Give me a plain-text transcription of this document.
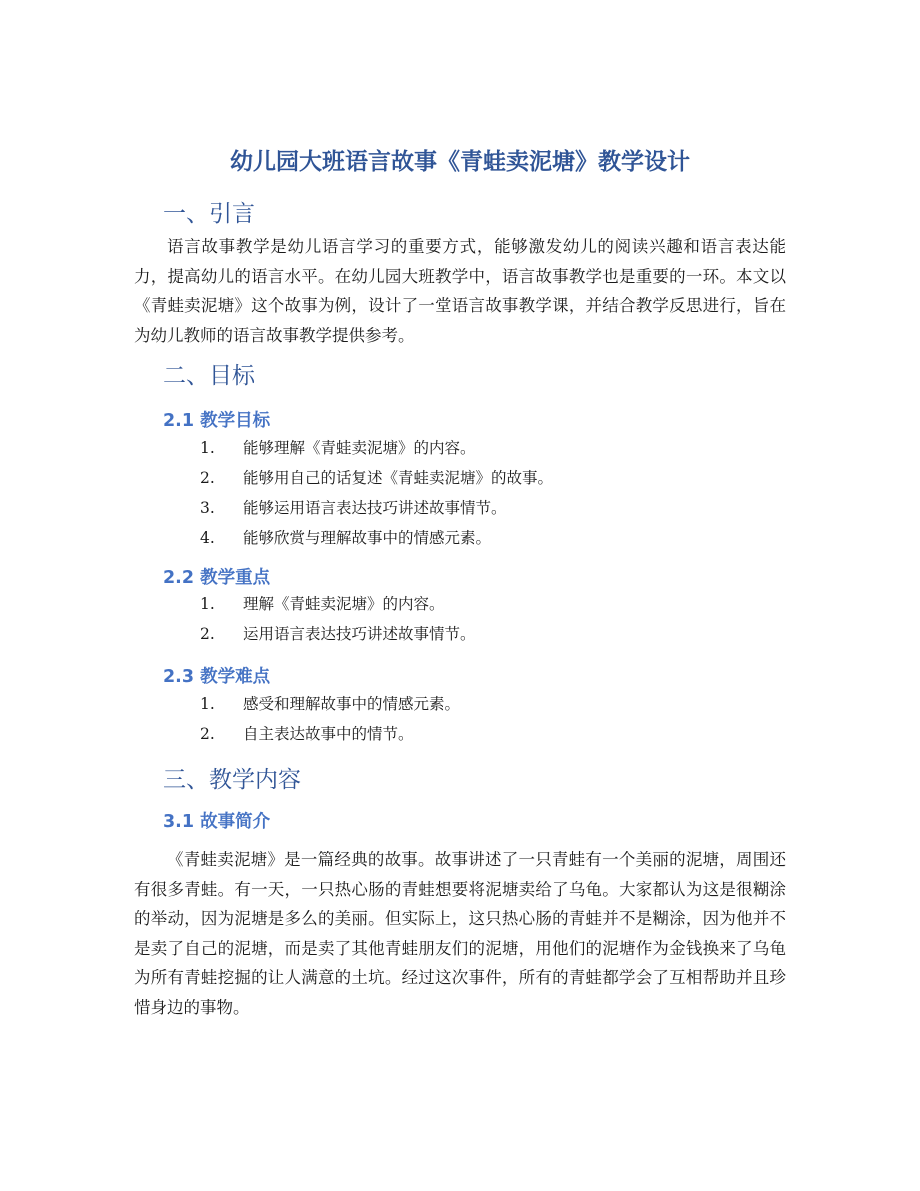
幼儿园大班语言故事《青蛙卖泥塘》教学设计
一、引言
语言故事教学是幼儿语言学习的重要方式，能够激发幼儿的阅读兴趣和语言表达能力，提高幼儿的语言水平。在幼儿园大班教学中，语言故事教学也是重要的一环。本文以《青蛙卖泥塘》这个故事为例，设计了一堂语言故事教学课，并结合教学反思进行，旨在为幼儿教师的语言故事教学提供参考。
二、目标
2.1 教学目标
1. 能够理解《青蛙卖泥塘》的内容。
2. 能够用自己的话复述《青蛙卖泥塘》的故事。
3. 能够运用语言表达技巧讲述故事情节。
4. 能够欣赏与理解故事中的情感元素。
2.2 教学重点
1. 理解《青蛙卖泥塘》的内容。
2. 运用语言表达技巧讲述故事情节。
2.3 教学难点
1. 感受和理解故事中的情感元素。
2. 自主表达故事中的情节。
三、教学内容
3.1 故事简介
《青蛙卖泥塘》是一篇经典的故事。故事讲述了一只青蛙有一个美丽的泥塘，周围还有很多青蛙。有一天，一只热心肠的青蛙想要将泥塘卖给了乌龟。大家都认为这是很糊涂的举动，因为泥塘是多么的美丽。但实际上，这只热心肠的青蛙并不是糊涂，因为他并不是卖了自己的泥塘，而是卖了其他青蛙朋友们的泥塘，用他们的泥塘作为金钱换来了乌龟为所有青蛙挖掘的让人满意的土坑。经过这次事件，所有的青蛙都学会了互相帮助并且珍惜身边的事物。
